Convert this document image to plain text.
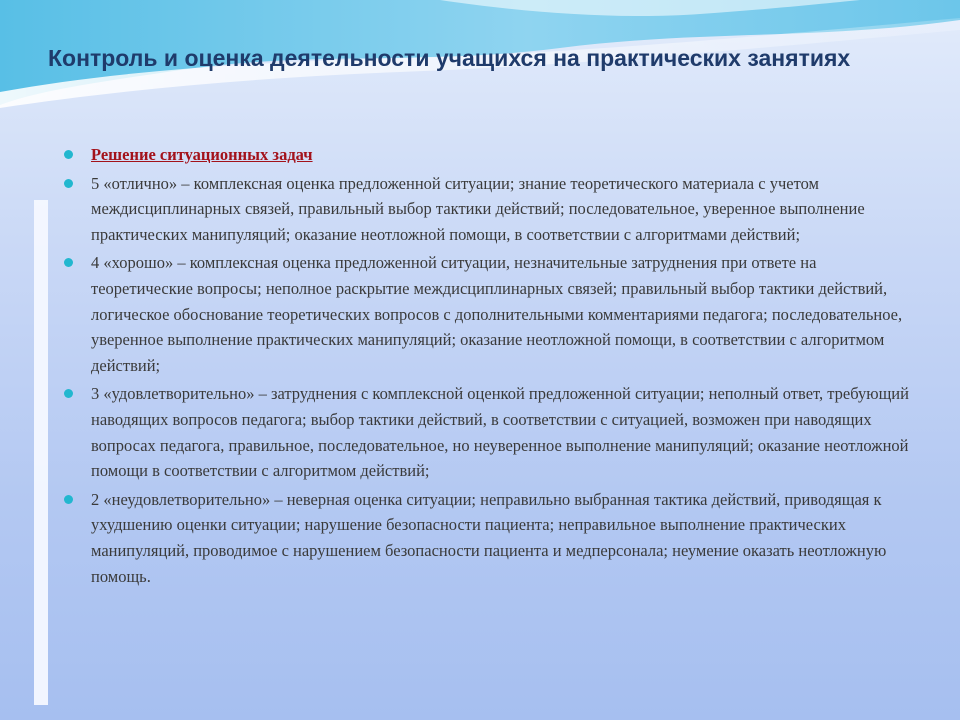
Контроль и оценка деятельности учащихся на практических занятиях
Решение ситуационных задач
5 «отлично» – комплексная оценка предложенной ситуации; знание теоретического материала с учетом междисциплинарных связей, правильный выбор тактики действий; последовательное, уверенное выполнение практических манипуляций; оказание неотложной помощи, в соответствии с алгоритмами действий;
4 «хорошо» – комплексная оценка предложенной ситуации, незначительные затруднения при ответе на теоретические вопросы; неполное раскрытие междисциплинарных связей; правильный выбор тактики действий, логическое обоснование теоретических вопросов с дополнительными комментариями педагога; последовательное, уверенное выполнение практических манипуляций; оказание неотложной помощи, в соответствии с алгоритмом действий;
3 «удовлетворительно» – затруднения с комплексной оценкой предложенной ситуации; неполный ответ, требующий наводящих вопросов педагога; выбор тактики действий, в соответствии с ситуацией, возможен при наводящих вопросах педагога, правильное, последовательное, но неуверенное выполнение манипуляций; оказание неотложной помощи в соответствии с алгоритмом действий;
2 «неудовлетворительно» – неверная оценка ситуации; неправильно выбранная тактика действий, приводящая к ухудшению оценки ситуации; нарушение безопасности пациента; неправильное выполнение практических манипуляций, проводимое с нарушением безопасности пациента и медперсонала; неумение оказать неотложную помощь.
